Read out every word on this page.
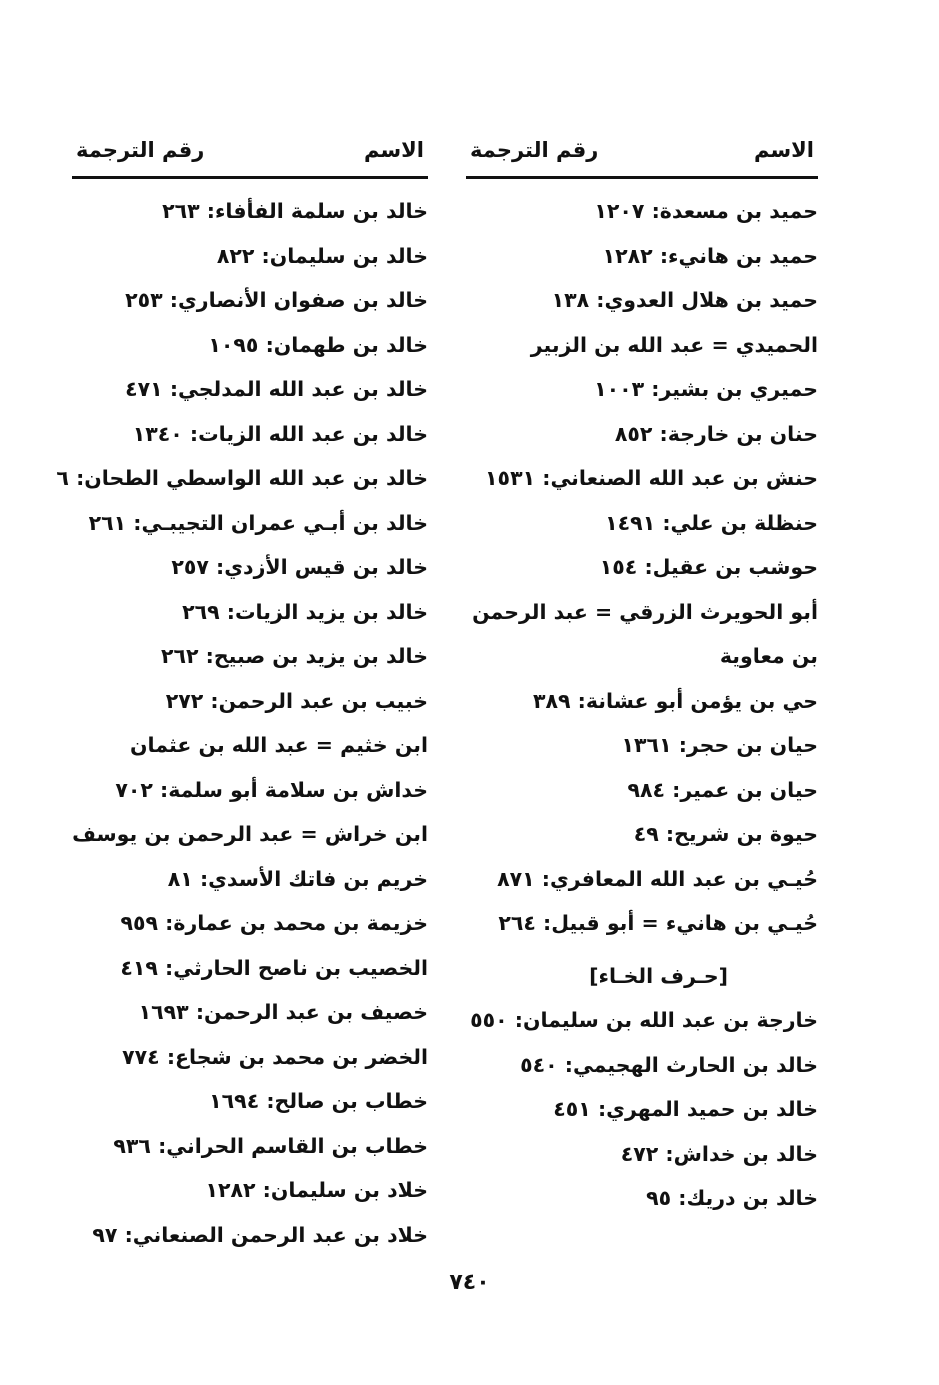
الاسم
رقم الترجمة
حميد بن مسعدة: ١٢٠٧
حميد بن هانيء: ١٢٨٢
حميد بن هلال العدوي: ١٣٨
الحميدي = عبد الله بن الزبير
حميري بن بشير: ١٠٠٣
حنان بن خارجة: ٨٥٢
حنش بن عبد الله الصنعاني: ١٥٣١
حنظلة بن علي: ١٤٩١
حوشب بن عقيل: ١٥٤
أبو الحويرث الزرقي = عبد الرحمن بن معاوية
حي بن يؤمن أبو عشانة: ٣٨٩
حيان بن حجر: ١٣٦١
حيان بن عمير: ٩٨٤
حيوة بن شريح: ٤٩
حُيـي بن عبد الله المعافري: ٨٧١
حُيـي بن هانيء = أبو قبيل: ٢٦٤
[حـرف الخـاء]
خارجة بن عبد الله بن سليمان: ٥٥٠
خالد بن الحارث الهجيمي: ٥٤٠
خالد بن حميد المهري: ٤٥١
خالد بن خداش: ٤٧٢
خالد بن دريك: ٩٥
الاسم
رقم الترجمة
خالد بن سلمة الفأفاء: ٢٦٣
خالد بن سليمان: ٨٢٢
خالد بن صفوان الأنصاري: ٢٥٣
خالد بن طهمان: ١٠٩٥
خالد بن عبد الله المدلجي: ٤٧١
خالد بن عبد الله الزيات: ١٣٤٠
خالد بن عبد الله الواسطي الطحان: ٦
خالد بن أبـي عمران التجيبـي: ٢٦١
خالد بن قيس الأزدي: ٢٥٧
خالد بن يزيد الزيات: ٢٦٩
خالد بن يزيد بن صبيح: ٢٦٢
خبيب بن عبد الرحمن: ٢٧٢
ابن خثيم = عبد الله بن عثمان
خداش بن سلامة أبو سلمة: ٧٠٢
ابن خراش = عبد الرحمن بن يوسف
خريم بن فاتك الأسدي: ٨١
خزيمة بن محمد بن عمارة: ٩٥٩
الخصيب بن ناصح الحارثي: ٤١٩
خصيف بن عبد الرحمن: ١٦٩٣
الخضر بن محمد بن شجاع: ٧٧٤
خطاب بن صالح: ١٦٩٤
خطاب بن القاسم الحراني: ٩٣٦
خلاد بن سليمان: ١٢٨٢
خلاد بن عبد الرحمن الصنعاني: ٩٧
٧٤٠
